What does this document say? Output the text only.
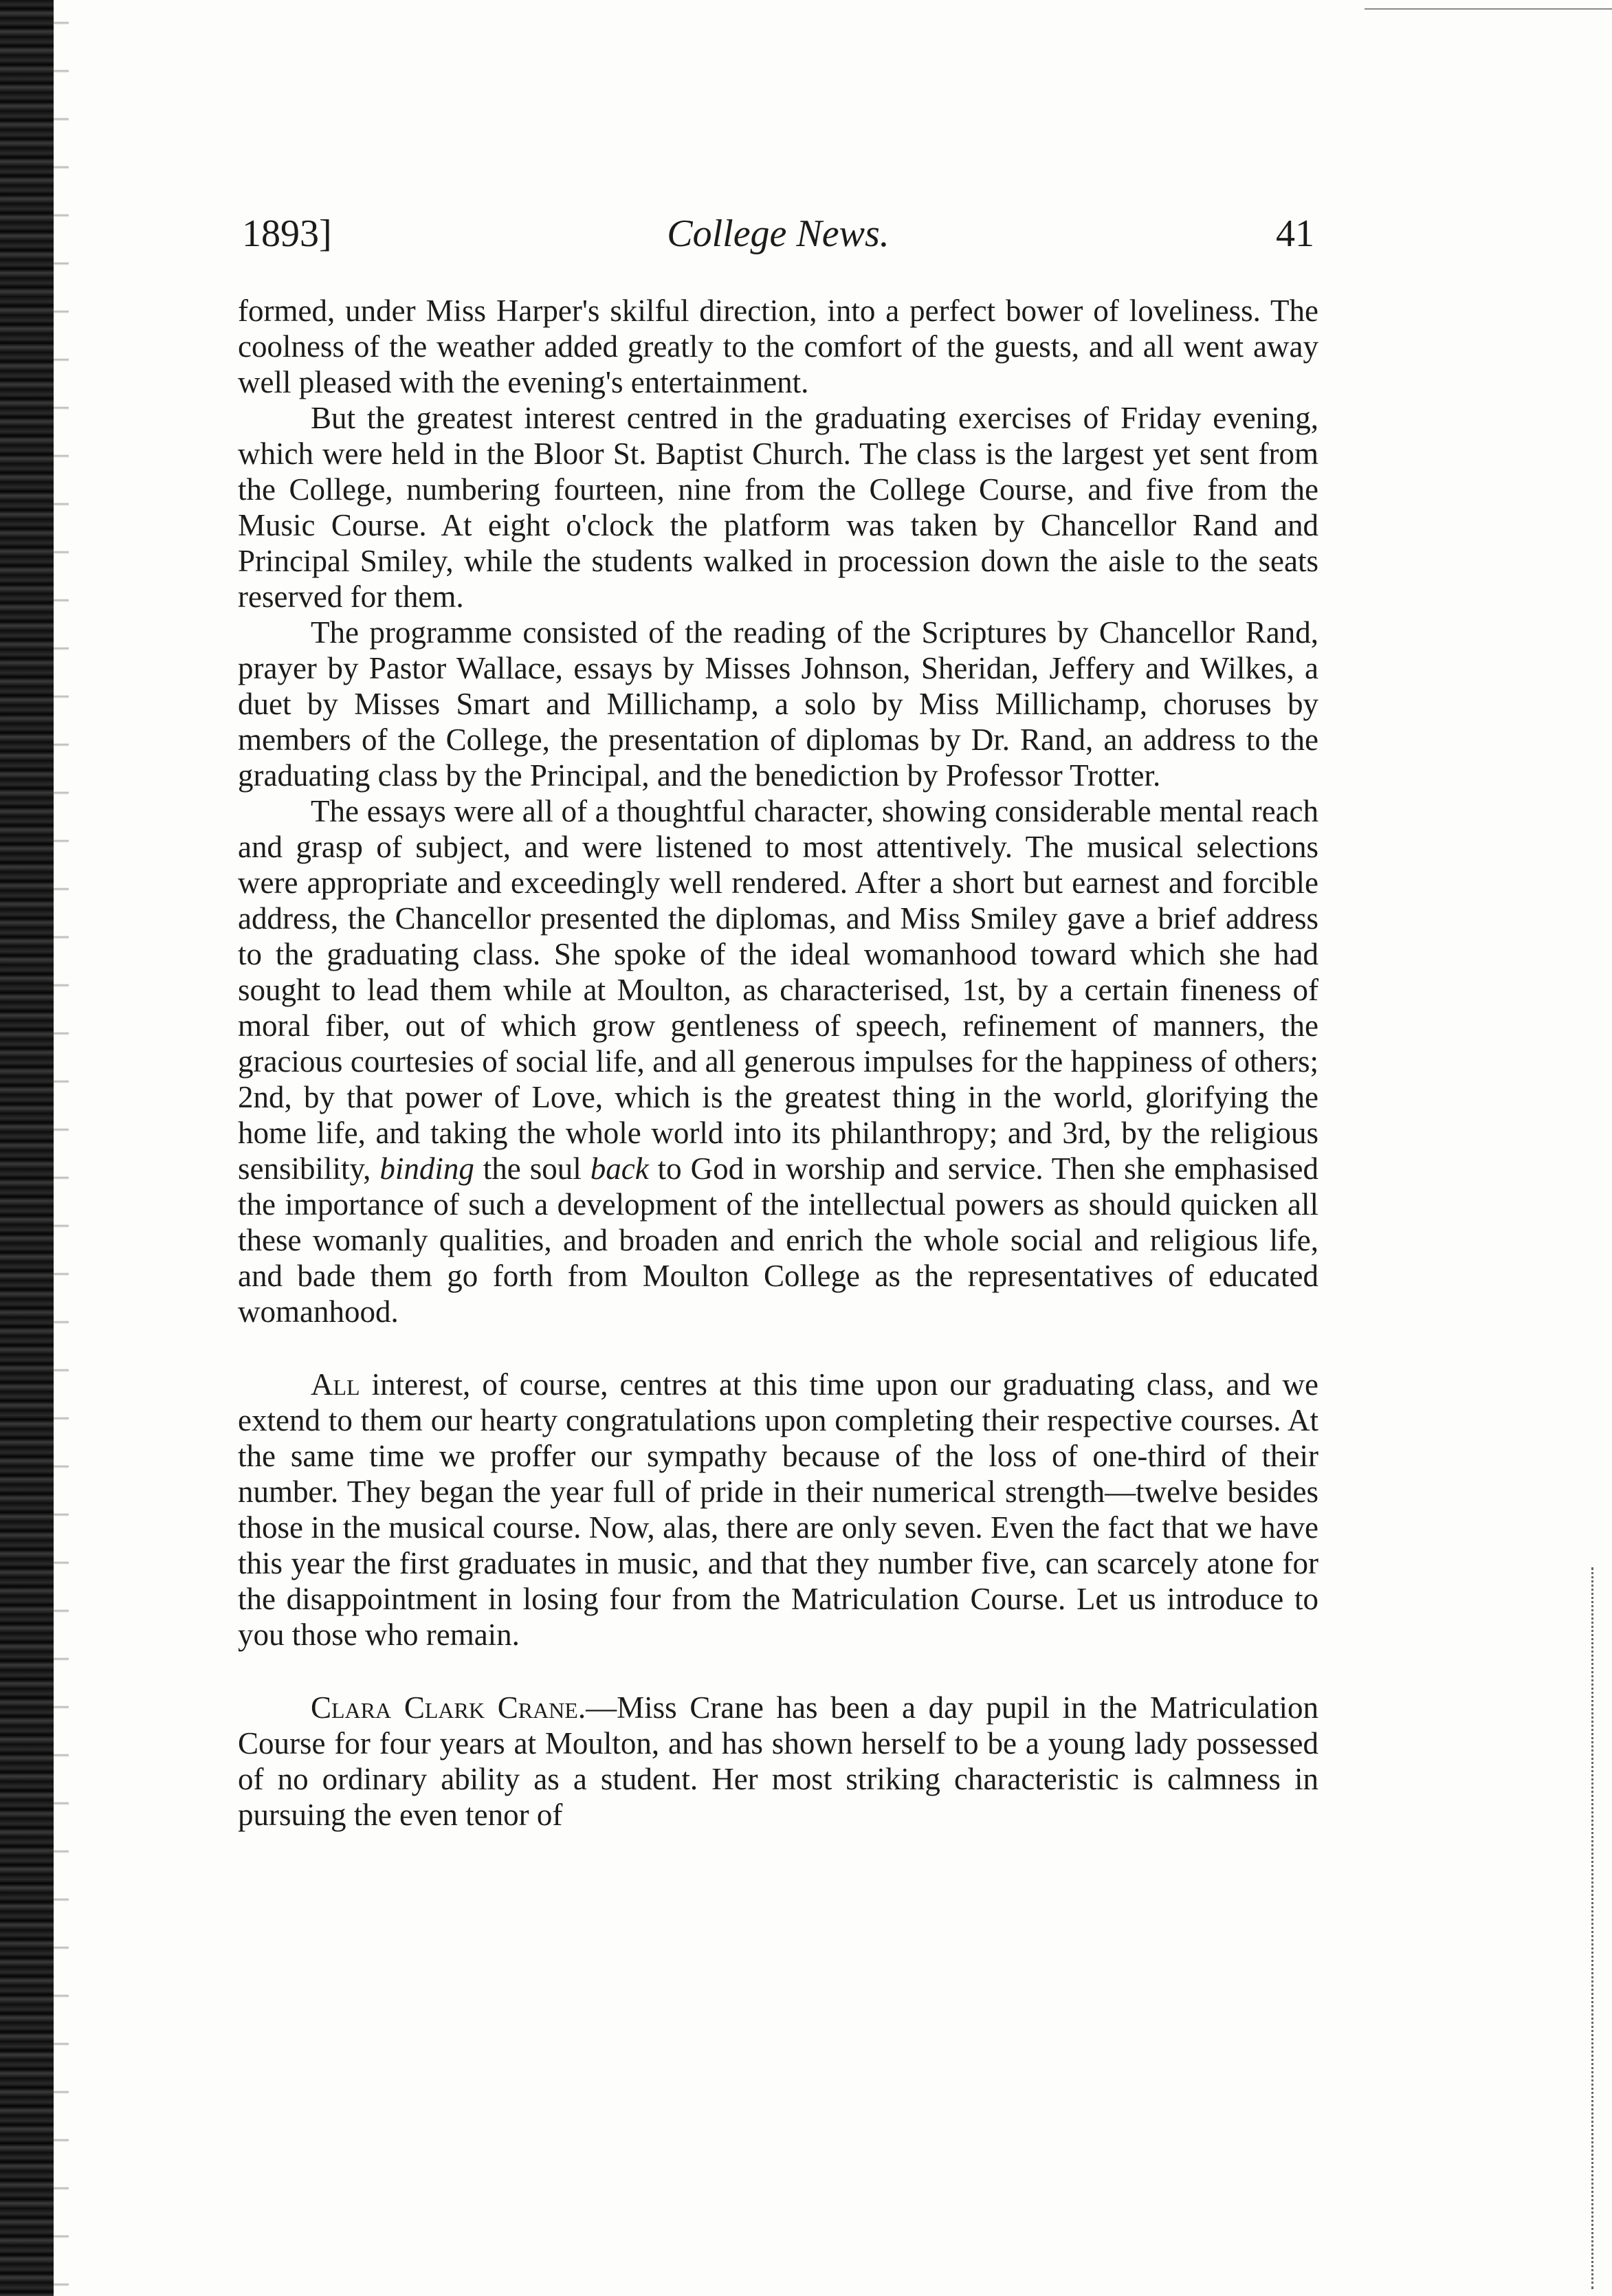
1893]	College News.	41

formed, under Miss Harper's skilful direction, into a perfect bower of loveliness. The coolness of the weather added greatly to the comfort of the guests, and all went away well pleased with the evening's entertainment.

But the greatest interest centred in the graduating exercises of Friday evening, which were held in the Bloor St. Baptist Church. The class is the largest yet sent from the College, numbering fourteen, nine from the College Course, and five from the Music Course. At eight o'clock the platform was taken by Chancellor Rand and Principal Smiley, while the students walked in procession down the aisle to the seats reserved for them.

The programme consisted of the reading of the Scriptures by Chancellor Rand, prayer by Pastor Wallace, essays by Misses Johnson, Sheridan, Jeffery and Wilkes, a duet by Misses Smart and Millichamp, a solo by Miss Millichamp, choruses by members of the College, the presentation of diplomas by Dr. Rand, an address to the graduating class by the Principal, and the benediction by Professor Trotter.

The essays were all of a thoughtful character, showing considerable mental reach and grasp of subject, and were listened to most attentively. The musical selections were appropriate and exceedingly well rendered. After a short but earnest and forcible address, the Chancellor presented the diplomas, and Miss Smiley gave a brief address to the graduating class. She spoke of the ideal womanhood toward which she had sought to lead them while at Moulton, as characterised, 1st, by a certain fineness of moral fiber, out of which grow gentleness of speech, refinement of manners, the gracious courtesies of social life, and all generous impulses for the happiness of others; 2nd, by that power of Love, which is the greatest thing in the world, glorifying the home life, and taking the whole world into its philanthropy; and 3rd, by the religious sensibility, binding the soul back to God in worship and service. Then she emphasised the importance of such a development of the intellectual powers as should quicken all these womanly qualities, and broaden and enrich the whole social and religious life, and bade them go forth from Moulton College as the representatives of educated womanhood.

All interest, of course, centres at this time upon our graduating class, and we extend to them our hearty congratulations upon completing their respective courses. At the same time we proffer our sympathy because of the loss of one-third of their number. They began the year full of pride in their numerical strength—twelve besides those in the musical course. Now, alas, there are only seven. Even the fact that we have this year the first graduates in music, and that they number five, can scarcely atone for the disappointment in losing four from the Matriculation Course. Let us introduce to you those who remain.

Clara Clark Crane.—Miss Crane has been a day pupil in the Matriculation Course for four years at Moulton, and has shown herself to be a young lady possessed of no ordinary ability as a student. Her most striking characteristic is calmness in pursuing the even tenor of
